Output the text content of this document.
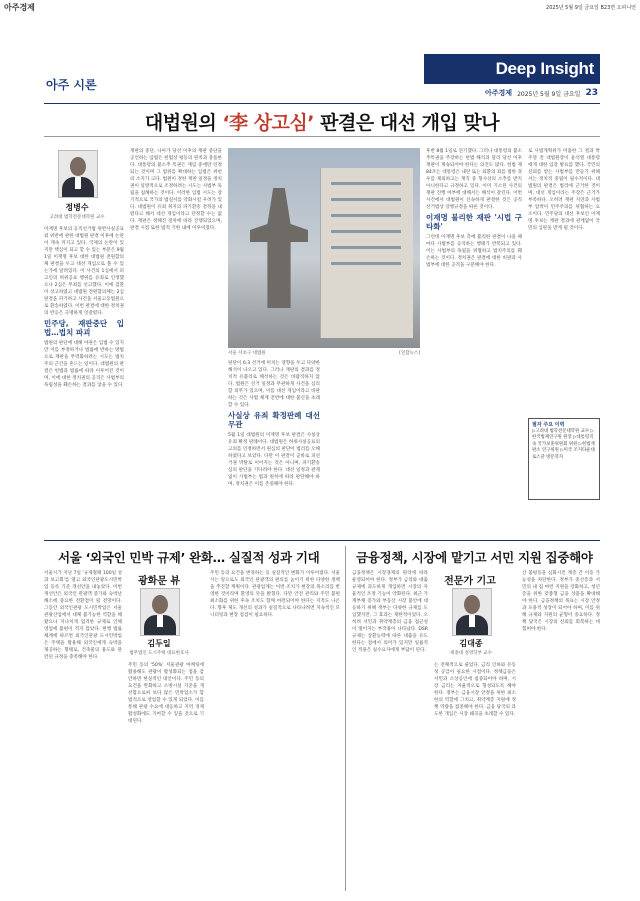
아주경제	2025년 5월 9일 금요일 B23면 오피니언
아주 시론
Deep Insight
아주경제 2025년 5월 9일 금요일 23
대법원의 ‘李 상고심’ 판결은 대선 개입 맞나
정병수
고려대 법학전문대학원 교수

이재명 후보의 공직선거법 위반사실공표죄 위반에 관한 대법원 판결 이후에 논란이 계속 커지고 있다. 국제의 논란이 있지만 핵심이 되고 할 수 있는 부분은 9월 1일 이재명 후보 대한 대법원 전원합의체 판결을 두고 대선 개입으로 볼 수 있는가에 달려있다. 이 사건의 1심에서 피고인의 허위공표 행위를 유죄로 인정했으나 2심은 무죄를 선고했다. 이에 검찰이 상고하였고 대법원 전원합의체는 2심 판결을 파기하고 사건을 서울고등법원으로 환송하였다. 이번 판결에 대한 정치권의 반응은 극명하게 엇갈렸다.

민주당, 재판중단 입법…법치 파괴

법원의 판단에 대해 야권은 입법 수 있지만 이를 부정하거나 법률에 반하는 방법으로 재판을 무력화하려는 시도는 법치주의 근간을 흔드는 일이다. 대법원의 판결은 헌법과 법률에 따라 이루어진 것이며, 이에 대한 정치권의 공격은 사법부의 독립성을 훼손하는 결과를 낳을 수 있다.

재판의 중단, 나아가 당선 이후의 재판 중단을 공언하는 입법은 헌법상 평등의 원칙과 충돌한다. 대통령의 불소추 특권은 재임 중에만 인정되는 것이며 그 범위를 확대하는 입법은 위헌의 소지가 크다. 법원이 정한 재판 일정을 정치권이 일방적으로 조정하려는 시도는 사법부 독립을 침해하는 것이다. 이러한 입법 시도는 장기적으로 국가의 법질서를 약화시킬 우려가 있다. 대법원이 유죄 취지의 파기환송 결정을 내렸다고 해서 대선 개입이라고 단정할 수는 없다. 재판은 정해진 절차에 따라 진행되었으며, 판결 시점 또한 법적 기한 내에 이루어졌다.

서울 서초구 대법원	[연합뉴스]

판단이 6·3 선거에 미치는 영향을 두고 다양한 해석이 나오고 있다. 그러나 재판의 결과를 정치적 유불리로 해석하는 것은 바람직하지 않다. 법원은 선거 일정과 무관하게 사건을 심리할 의무가 있으며, 이를 대선 개입이라고 비판하는 것은 사법 체계 전반에 대한 불신을 초래할 수 있다.

사실상 유죄 확정판례 대선 무관

5월 1일 대법원의 이재명 후보 판결은 사실상 유죄 확정 판례이다. 대법원은 허위사실공표의 고의를 인정하면서 원심의 판단이 법리를 오해하였다고 보았다. 다만 이 판결이 곧바로 피선거권 박탈로 이어지는 것은 아니며, 파기환송심의 판단을 기다려야 한다. 대선 일정과 관계없이 사법부는 법과 원칙에 따라 판단해야 하며, 정치권은 이를 존중해야 한다.

후반 8월 1일로 연기했다. 그러나 대통령의 불소추특권을 주장하는 헌법 해석과 달리 당선 이후 재판이 계속되어야 한다는 의견도 많다. 헌법 제84조는 대통령은 내란 또는 외환의 죄를 범한 경우를 제외하고는 재직 중 형사상의 소추를 받지 아니한다고 규정하고 있다. 이미 기소된 사건의 재판 진행 여부에 대해서는 해석이 갈린다. 이번 사건에서 대법원이 신속하게 판결한 것은 공직선거법상 강행규정을 따른 것이다.

이재명 불리한 재판 '시법 구타화'

그런데 이재명 후보 측에 불리한 판결이 나올 때마다 사법부를 공격하는 행태가 반복되고 있다. 이는 사법부의 독립을 위협하고 법치주의를 훼손하는 것이다. 정치권은 판결에 대한 비판과 사법부에 대한 공격을 구분해야 한다.

로 사법개혁위가 미흡한 그 결과 박주영 전 대법원장이 윤석열 대통령에게 대한 입장 발표를 했다. 국민의 신뢰를 받는 사법부를 만들기 위해서는 정치적 중립이 필수적이다. 대법원의 판결은 법리에 근거한 것이며, 대선 개입이라는 주장은 근거가 부족하다. 오히려 재판 지연과 사법부 압박이 민주주의를 위협하는 요소이다. 민주당의 대선 후보인 이재명 후보는 재판 결과에 관계없이 국민의 심판을 받게 될 것이다.

필자 주요 이력
▷고려대 법학전문대학원 교수 ▷한국법제연구원 원장 ▷대통령직속 국가보훈위원회 위원 ▷헌법재판소 연구위원 ▷미국 조지타운대 로스쿨 방문학자
서울 ‘외국인 민박 규제’ 완화… 실질적 성과 기대

서울시가 지난 7일 '규제철폐 100일 성과 보고회'를 열고 외국인관광도시민박업 등록 기준 개선안을 내놓았다. 이번 개선안은 외국인 관광객 증가와 숙박난 해소에 중요한 전환점이 될 전망이다. 그동안 외국인관광 도시민박업은 서울 관광산업에서 대체 불가능한 역할을 해왔으나 지나치게 엄격한 규제로 인해 영업에 불편이 적지 않았다. 현행 법률체계에 따르면 외국인관광 도시민박업은 주택을 활용해 외국인에게 숙박을 제공하는 형태로, 건축물의 용도와 관련된 규정을 충족해야 한다.

광화문 뷰
김두일
법무법인 도시주택 대표변호사

주민 동의 '50%' 서울관광 마케팅에 활용해도 관광이 활성화되는 점을 감안하면 현실적인 대안이다. 주민 동의 요건을 완화하고 소방시설 기준을 개선함으로써 보다 많은 민박업소가 합법적으로 영업할 수 있게 되었다. 이를 통해 관광 수요에 대응하고 지역 경제 활성화에도 기여할 수 있을 것으로 기대된다.

주민 동의 요건을 변경하는 등 실질적인 변화가 이루어졌다. 서울시는 앞으로도 외국인 관광객의 편의를 높이기 위한 다양한 정책을 추진할 계획이다. 관광업계는 이번 조치가 현장의 목소리를 반영한 것이라며 환영의 뜻을 밝혔다. 다만 안전 관리와 주민 불편 최소화를 위한 후속 조치도 함께 마련되어야 한다는 지적도 나온다. 향후 제도 개선의 성과가 실질적으로 나타나려면 지속적인 모니터링과 현장 점검이 필요하다.

금융정책, 시장에 맡기고 서민 지원 집중해야

금융정책은 시장경제의 원리에 따라 운영되어야 한다. 정부가 금리와 대출 규제에 과도하게 개입하면 시장의 자율적인 조정 기능이 약화된다. 최근 가계부채 증가와 부동산 시장 불안에 대응하기 위해 정부는 다양한 규제를 도입했지만, 그 효과는 제한적이었다. 오히려 서민과 취약계층의 금융 접근성이 떨어지는 부작용이 나타났다. DSR 규제는 상환능력에 따른 대출을 유도한다는 점에서 의미가 있지만 일률적인 적용은 실수요자에게 부담이 된다.

전문가 기고
김대종
세종대 경영학부 교수

는 전체적으로 줄었다. 금리 인하와 유동성 공급이 필요한 시점이다. 정책금융은 서민과 소상공인에 집중되어야 하며, 시장 금리는 자율적으로 형성되도록 해야 한다. 정부는 금융시장 안정을 위한 최소한의 역할에 그치고, 취약계층 지원에 정책 역량을 집중해야 한다. 금융 당국의 과도한 개입은 시장 왜곡을 초래할 수 있다.

산 불평등을 심화시킨 계층 간 이동 가능성을 차단한다. 정부가 중산층과 서민의 내 집 마련 지원을 강화하고, 청년층을 위한 맞춤형 금융 상품을 확대해야 한다. 금융정책의 목표는 시장 안정과 포용적 성장이 되어야 하며, 이를 위해 규제와 지원의 균형이 중요하다. 정책 당국은 시장의 신뢰를 회복하는 데 힘써야 한다.
